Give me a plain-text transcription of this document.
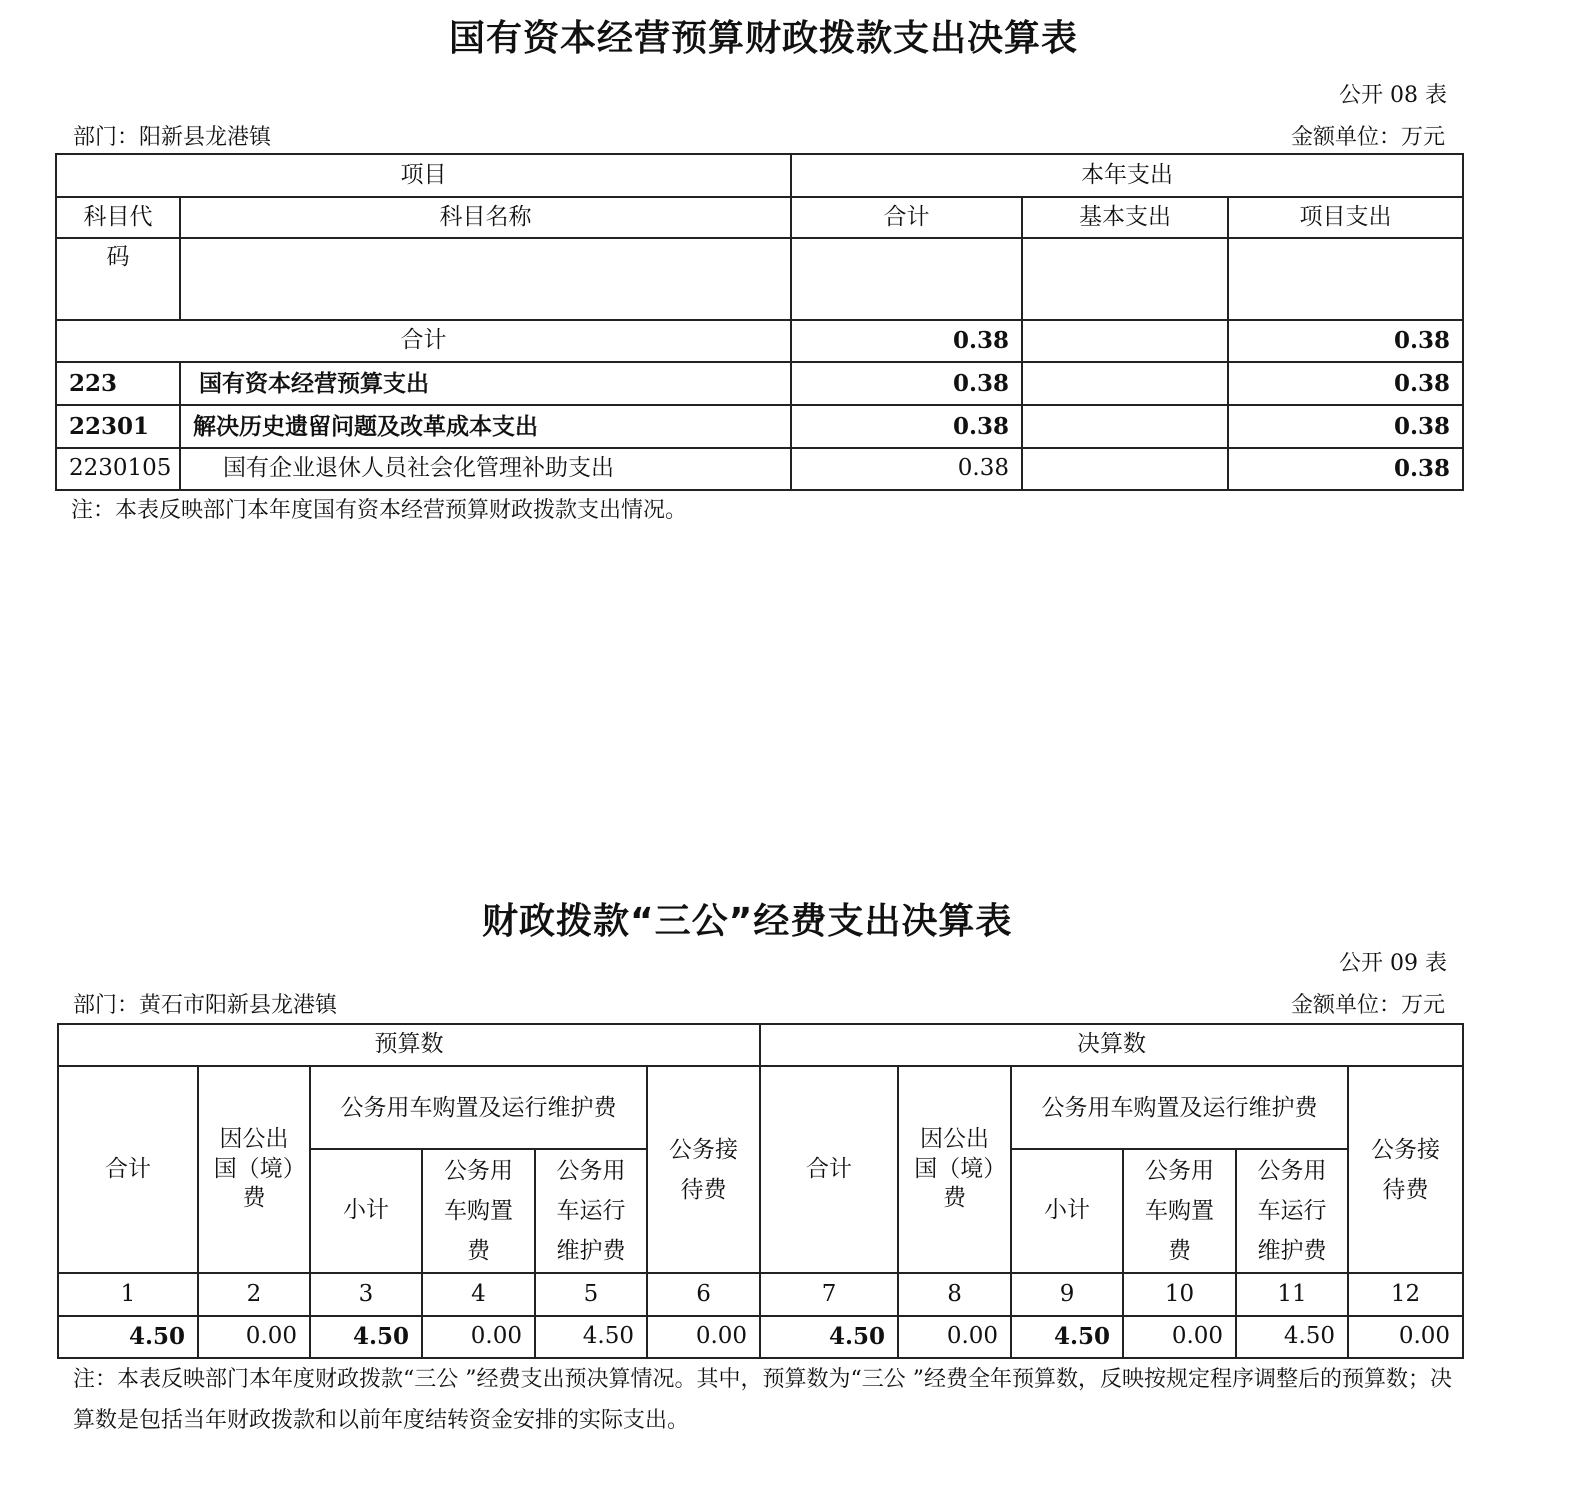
国有资本经营预算财政拨款支出决算表
公开 08 表
部门：阳新县龙港镇	金额单位：万元
项目		本年支出		
科目代	科目名称	合计	基本支出	项目支出
码				
合计		0.38		0.38
223	国有资本经营预算支出	0.38		0.38
22301	解决历史遗留问题及改革成本支出	0.38		0.38
2230105	国有企业退休人员社会化管理补助支出	0.38		0.38
注：本表反映部门本年度国有资本经营预算财政拨款支出情况。
财政拨款“三公”经费支出决算表
公开 09 表
部门：黄石市阳新县龙港镇	金额单位：万元
预算数						决算数					
合计	因公出国（境）费	公务用车购置及运行维护费			公务接待费	合计	因公出国（境）费	公务用车购置及运行维护费			公务接待费
		小计	公务用车购置费	公务用车运行维护费				小计	公务用车购置费	公务用车运行维护费	
1	2	3	4	5	6	7	8	9	10	11	12
4.50	0.00	4.50	0.00	4.50	0.00	4.50	0.00	4.50	0.00	4.50	0.00
注：本表反映部门本年度财政拨款“三公 ”经费支出预决算情况。其中，预算数为“三公 ”经费全年预算数，反映按规定程序调整后的预算数；决算数是包括当年财政拨款和以前年度结转资金安排的实际支出。
